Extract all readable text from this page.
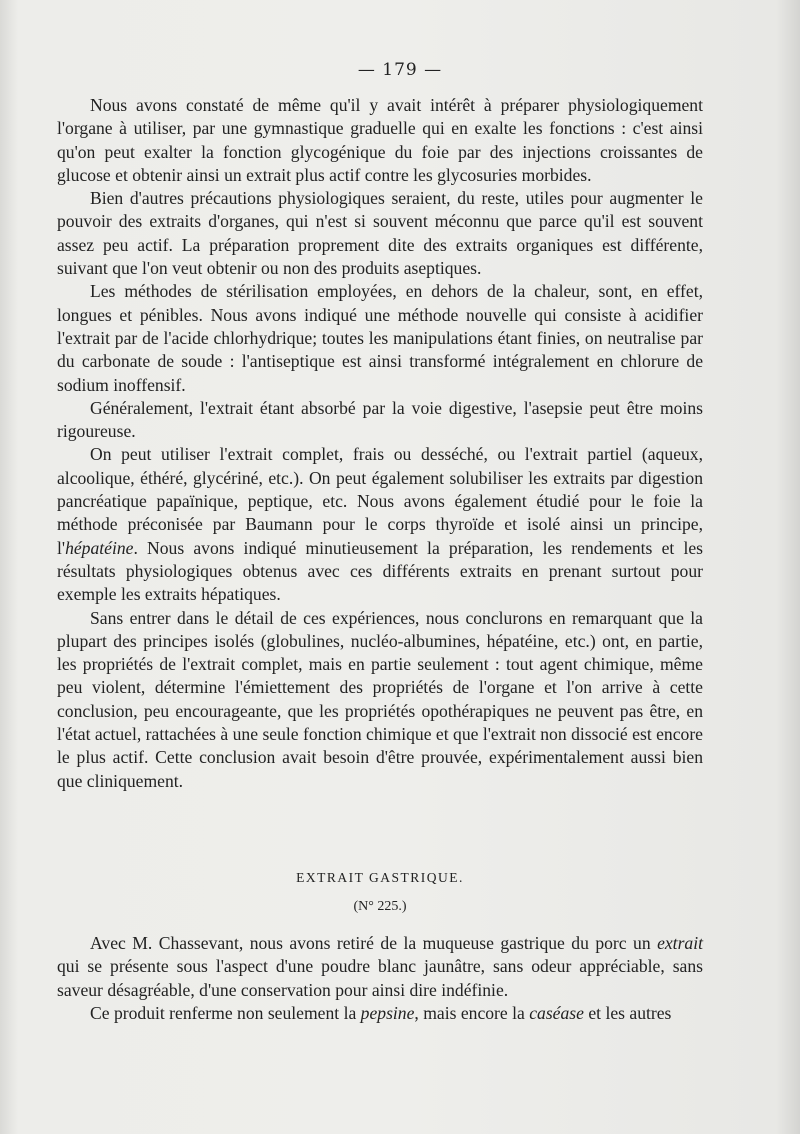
— 179 —

Nous avons constaté de même qu'il y avait intérêt à préparer physiologiquement l'organe à utiliser, par une gymnastique graduelle qui en exalte les fonctions : c'est ainsi qu'on peut exalter la fonction glycogénique du foie par des injections croissantes de glucose et obtenir ainsi un extrait plus actif contre les glycosuries morbides.

Bien d'autres précautions physiologiques seraient, du reste, utiles pour augmenter le pouvoir des extraits d'organes, qui n'est si souvent méconnu que parce qu'il est souvent assez peu actif. La préparation proprement dite des extraits organiques est différente, suivant que l'on veut obtenir ou non des produits aseptiques.

Les méthodes de stérilisation employées, en dehors de la chaleur, sont, en effet, longues et pénibles. Nous avons indiqué une méthode nouvelle qui consiste à acidifier l'extrait par de l'acide chlorhydrique; toutes les manipulations étant finies, on neutralise par du carbonate de soude : l'antiseptique est ainsi transformé intégralement en chlorure de sodium inoffensif.

Généralement, l'extrait étant absorbé par la voie digestive, l'asepsie peut être moins rigoureuse.

On peut utiliser l'extrait complet, frais ou desséché, ou l'extrait partiel (aqueux, alcoolique, éthéré, glycériné, etc.). On peut également solubiliser les extraits par digestion pancréatique papaïnique, peptique, etc. Nous avons également étudié pour le foie la méthode préconisée par Baumann pour le corps thyroïde et isolé ainsi un principe, l'hépatéine. Nous avons indiqué minutieusement la préparation, les rendements et les résultats physiologiques obtenus avec ces différents extraits en prenant surtout pour exemple les extraits hépatiques.

Sans entrer dans le détail de ces expériences, nous conclurons en remarquant que la plupart des principes isolés (globulines, nucléo-albumines, hépatéine, etc.) ont, en partie, les propriétés de l'extrait complet, mais en partie seulement : tout agent chimique, même peu violent, détermine l'émiettement des propriétés de l'organe et l'on arrive à cette conclusion, peu encourageante, que les propriétés opothérapiques ne peuvent pas être, en l'état actuel, rattachées à une seule fonction chimique et que l'extrait non dissocié est encore le plus actif. Cette conclusion avait besoin d'être prouvée, expérimentalement aussi bien que cliniquement.

EXTRAIT GASTRIQUE.
(N° 225.)

Avec M. Chassevant, nous avons retiré de la muqueuse gastrique du porc un extrait qui se présente sous l'aspect d'une poudre blanc jaunâtre, sans odeur appréciable, sans saveur désagréable, d'une conservation pour ainsi dire indéfinie.

Ce produit renferme non seulement la pepsine, mais encore la caséase et les autres
